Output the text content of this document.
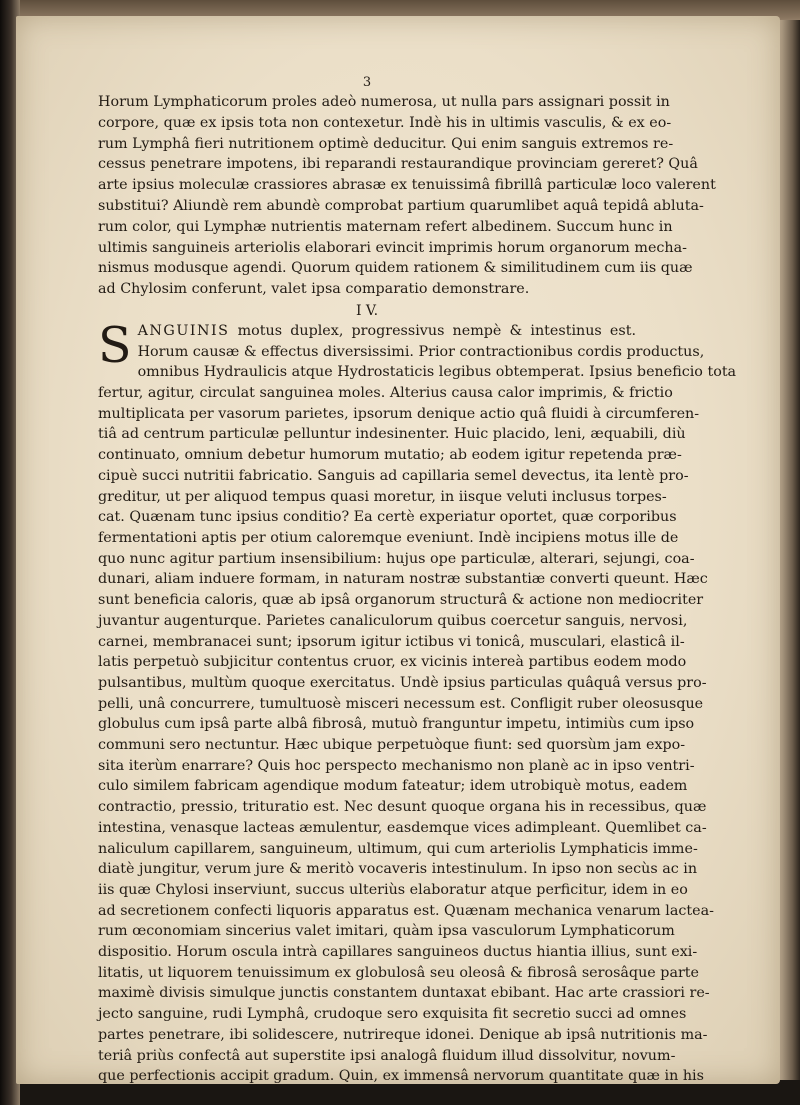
3
Horum Lymphaticorum proles adeò numerosa, ut nulla pars assignari possit in
corpore, quæ ex ipsis tota non contexetur. Indè his in ultimis vasculis, & ex eo-
rum Lymphâ fieri nutritionem optimè deducitur. Qui enim sanguis extremos re-
cessus penetrare impotens, ibi reparandi restaurandique provinciam gereret? Quâ
arte ipsius moleculæ crassiores abrasæ ex tenuissimâ fibrillâ particulæ loco valerent
substitui? Aliundè rem abundè comprobat partium quarumlibet aquâ tepidâ abluta-
rum color, qui Lymphæ nutrientis maternam refert albedinem. Succum hunc in
ultimis sanguineis arteriolis elaborari evincit imprimis horum organorum mecha-
nismus modusque agendi. Quorum quidem rationem & similitudinem cum iis quæ
ad Chylosim conferunt, valet ipsa comparatio demonstrare.
I V.
S ANGUINIS motus duplex, progressivus nempè & intestinus est.
Horum causæ & effectus diversissimi. Prior contractionibus cordis productus,
omnibus Hydraulicis atque Hydrostaticis legibus obtemperat. Ipsius beneficio tota
fertur, agitur, circulat sanguinea moles. Alterius causa calor imprimis, & frictio
multiplicata per vasorum parietes, ipsorum denique actio quâ fluidi à circumferen-
tiâ ad centrum particulæ pelluntur indesinenter. Huic placido, leni, æquabili, diù
continuato, omnium debetur humorum mutatio; ab eodem igitur repetenda præ-
cipuè succi nutritii fabricatio. Sanguis ad capillaria semel devectus, ita lentè pro-
greditur, ut per aliquod tempus quasi moretur, in iisque veluti inclusus torpes-
cat. Quænam tunc ipsius conditio? Ea certè experiatur oportet, quæ corporibus
fermentationi aptis per otium caloremque eveniunt. Indè incipiens motus ille de
quo nunc agitur partium insensibilium: hujus ope particulæ, alterari, sejungi, coa-
dunari, aliam induere formam, in naturam nostræ substantiæ converti queunt. Hæc
sunt beneficia caloris, quæ ab ipsâ organorum structurâ & actione non mediocriter
juvantur augenturque. Parietes canaliculorum quibus coercetur sanguis, nervosi,
carnei, membranacei sunt; ipsorum igitur ictibus vi tonicâ, musculari, elasticâ il-
latis perpetuò subjicitur contentus cruor, ex vicinis intereà partibus eodem modo
pulsantibus, multùm quoque exercitatus. Undè ipsius particulas quâquâ versus pro-
pelli, unâ concurrere, tumultuosè misceri necessum est. Confligit ruber oleosusque
globulus cum ipsâ parte albâ fibrosâ, mutuò franguntur impetu, intimiùs cum ipso
communi sero nectuntur. Hæc ubique perpetuòque fiunt: sed quorsùm jam expo-
sita iterùm enarrare? Quis hoc perspecto mechanismo non planè ac in ipso ventri-
culo similem fabricam agendique modum fateatur; idem utrobiquè motus, eadem
contractio, pressio, trituratio est. Nec desunt quoque organa his in recessibus, quæ
intestina, venasque lacteas æmulentur, easdemque vices adimpleant. Quemlibet ca-
naliculum capillarem, sanguineum, ultimum, qui cum arteriolis Lymphaticis imme-
diatè jungitur, verum jure & meritò vocaveris intestinulum. In ipso non secùs ac in
iis quæ Chylosi inserviunt, succus ulteriùs elaboratur atque perficitur, idem in eo
ad secretionem confecti liquoris apparatus est. Quænam mechanica venarum lactea-
rum œconomiam sincerius valet imitari, quàm ipsa vasculorum Lymphaticorum
dispositio. Horum oscula intrà capillares sanguineos ductus hiantia illius, sunt exi-
litatis, ut liquorem tenuissimum ex globulosâ seu oleosâ & fibrosâ serosâque parte
maximè divisis simulque junctis constantem duntaxat ebibant. Hac arte crassiori re-
jecto sanguine, rudi Lymphâ, crudoque sero exquisita fit secretio succi ad omnes
partes penetrare, ibi solidescere, nutrireque idonei. Denique ab ipsâ nutritionis ma-
teriâ priùs confectâ aut superstite ipsi analogâ fluidum illud dissolvitur, novum-
que perfectionis accipit gradum. Quin, ex immensâ nervorum quantitate quæ in his
